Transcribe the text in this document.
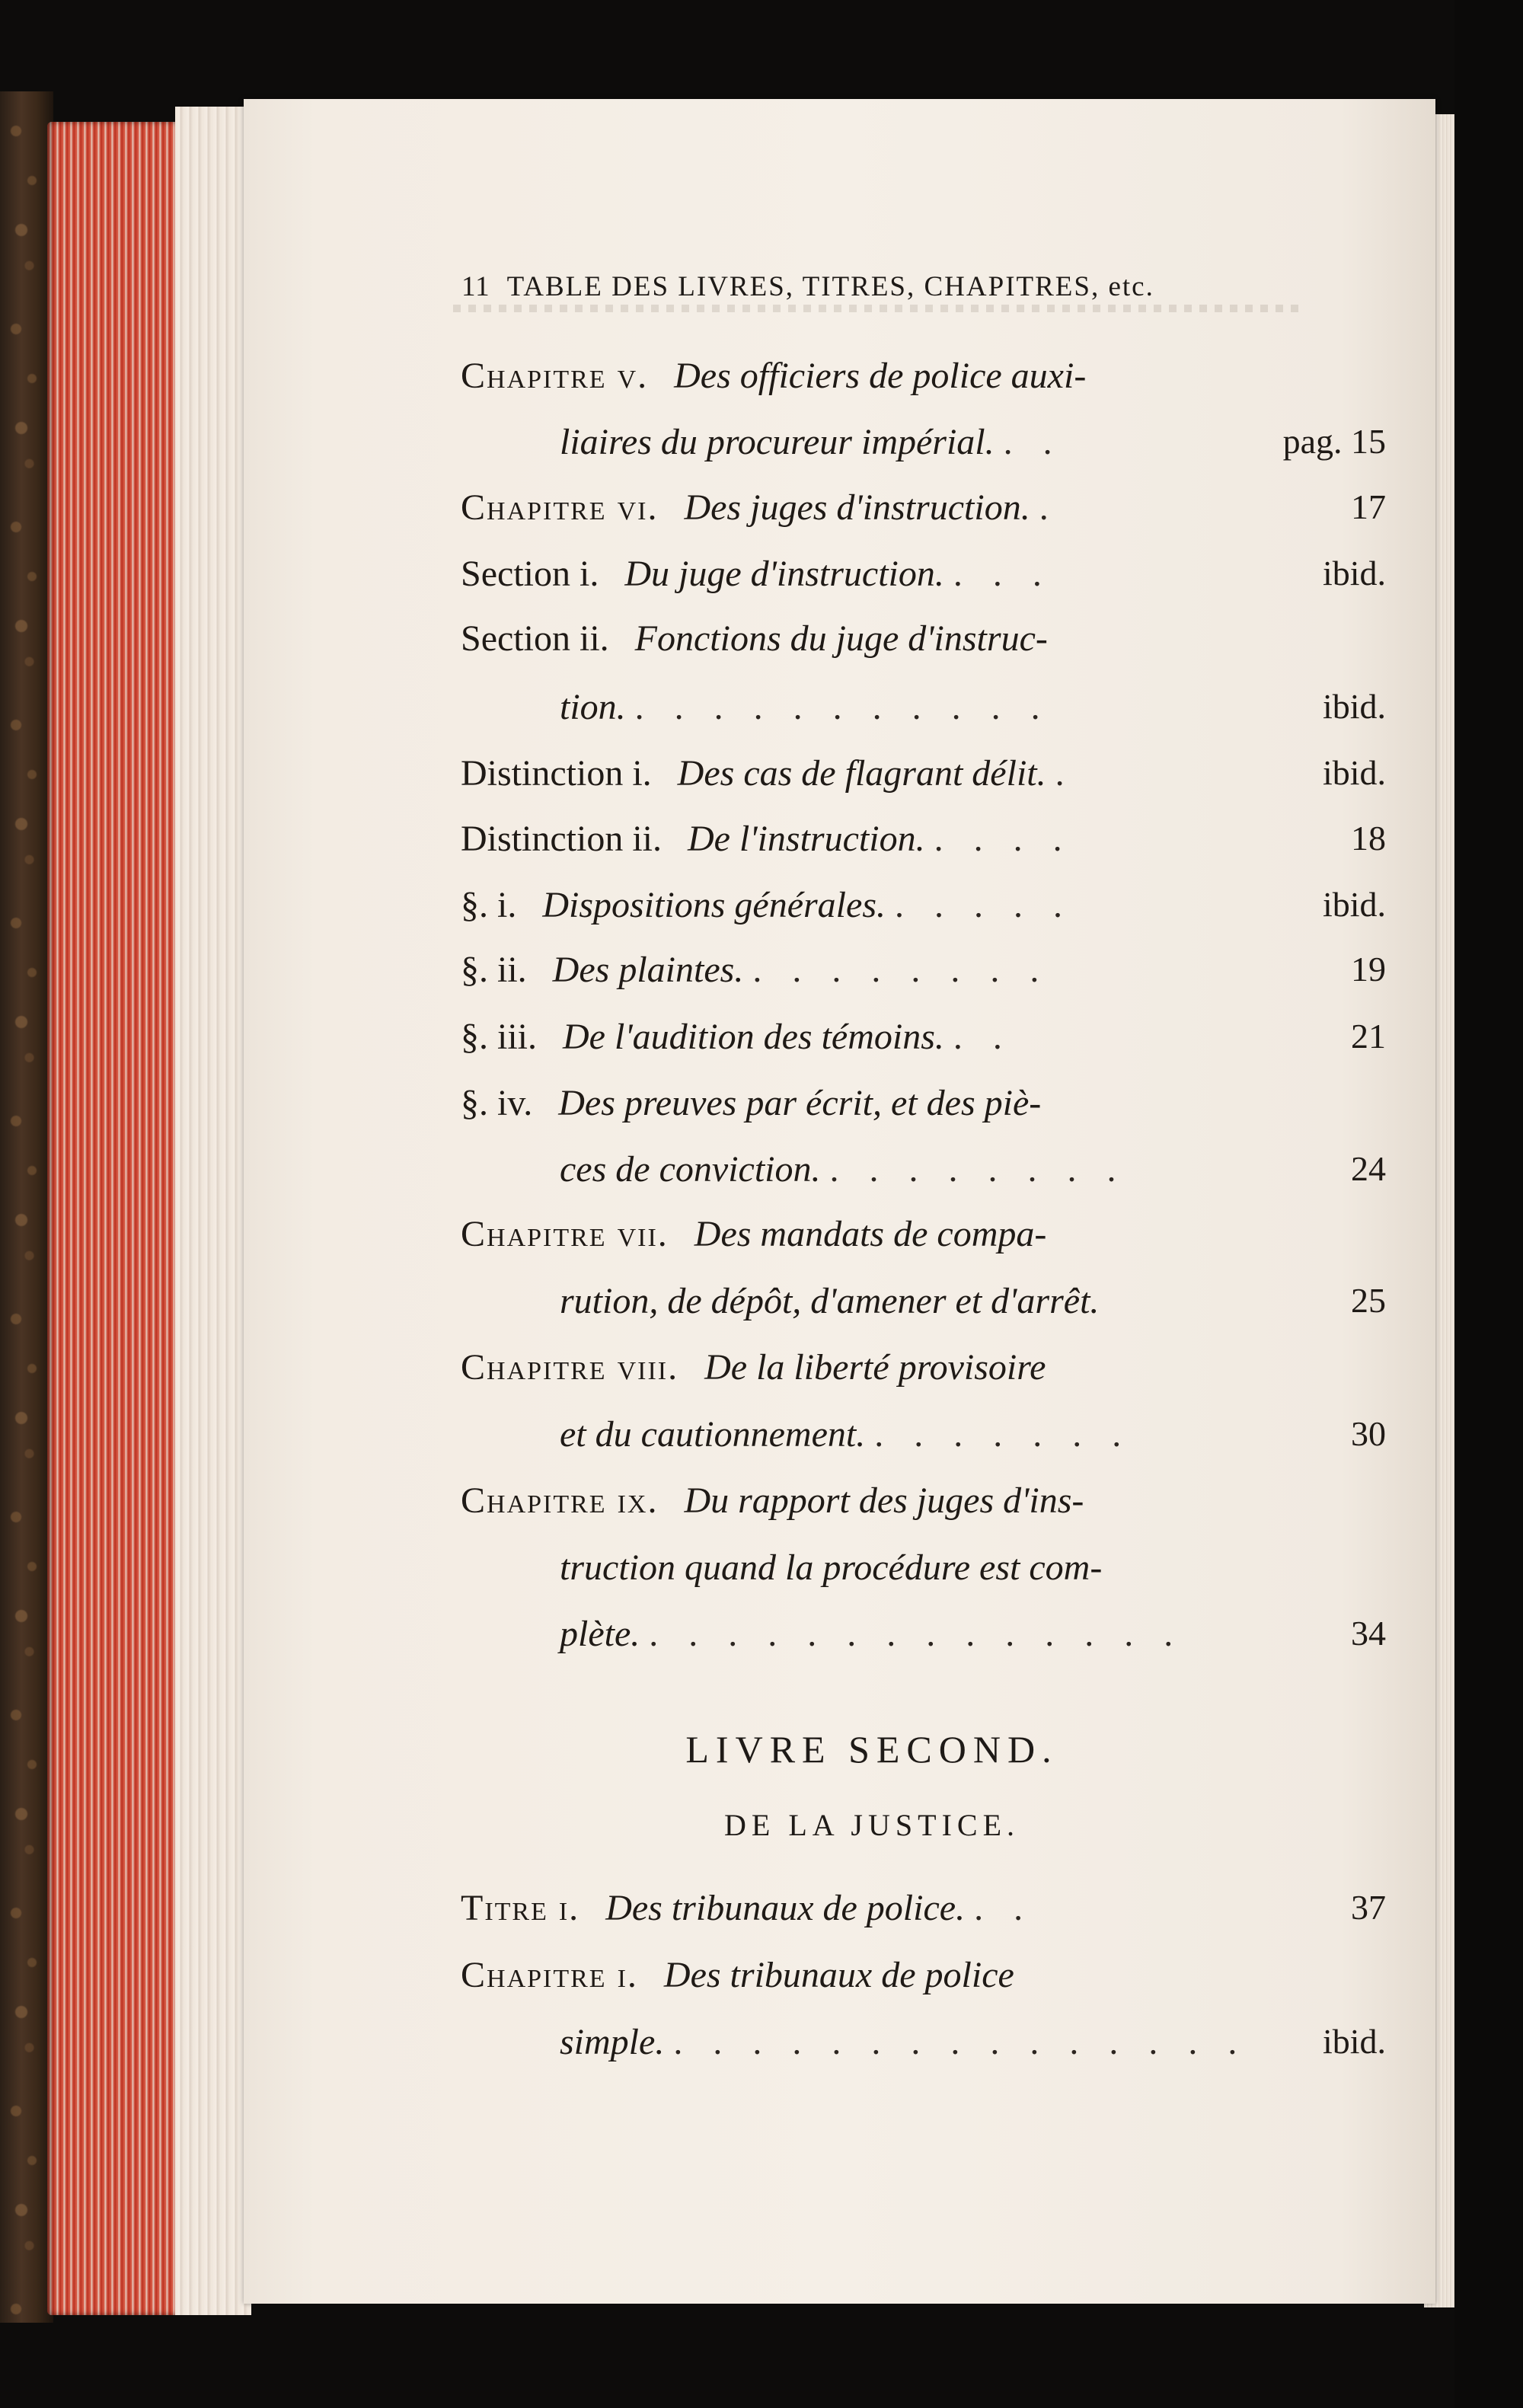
11 TABLE DES LIVRES, TITRES, CHAPITRES, etc.
Chapitre v. Des officiers de police auxi-
liaires du procureur impérial. . .	pag. 15
Chapitre vi. Des juges d'instruction. .	17
Section i. Du juge d'instruction. . . .	ibid.
Section ii. Fonctions du juge d'instruc-
tion. . . . . . . . . . . .	ibid.
Distinction i. Des cas de flagrant délit. .	ibid.
Distinction ii. De l'instruction. . . . .	18
§. i. Dispositions générales. . . . . .	ibid.
§. ii. Des plaintes. . . . . . . . .	19
§. iii. De l'audition des témoins. . .	21
§. iv. Des preuves par écrit, et des piè-
ces de conviction. . . . . . . . .	24
Chapitre vii. Des mandats de compa-
rution, de dépôt, d'amener et d'arrêt.	25
Chapitre viii. De la liberté provisoire
et du cautionnement. . . . . . . .	30
Chapitre ix. Du rapport des juges d'ins-
truction quand la procédure est com-
plète. . . . . . . . . . . . . . .	34
LIVRE SECOND.
DE LA JUSTICE.
Titre i. Des tribunaux de police. . .	37
Chapitre i. Des tribunaux de police
simple. . . . . . . . . . . . . . . . ibid.
